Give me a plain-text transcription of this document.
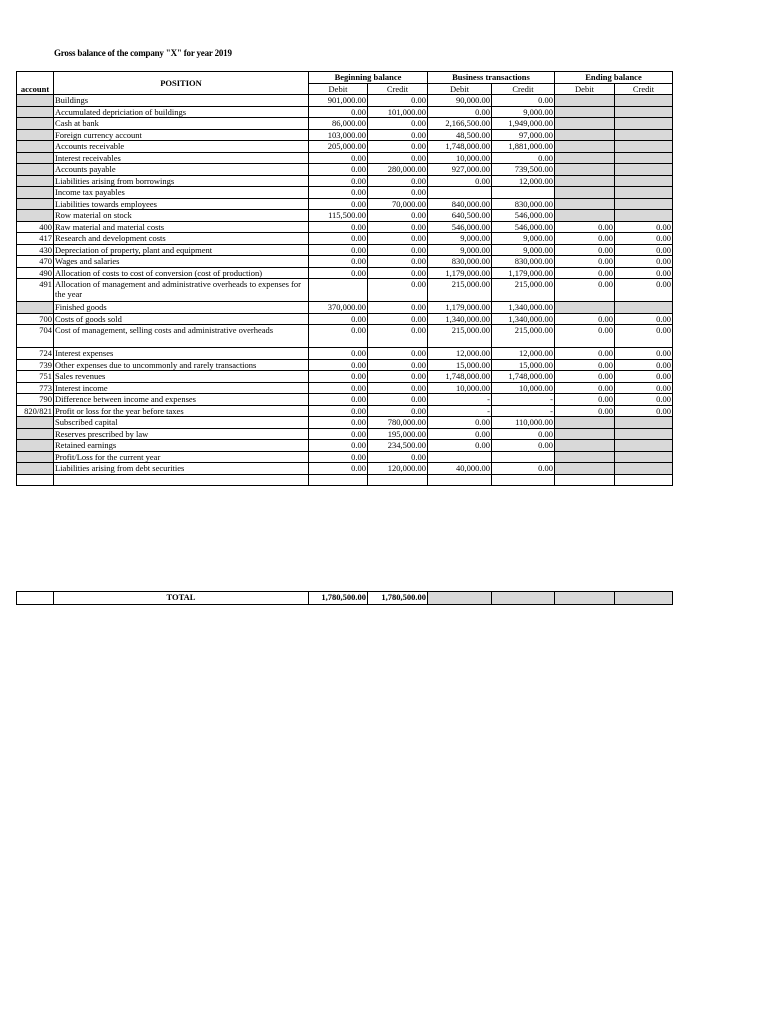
Gross balance of the company "X" for year 2019
account	POSITION	Beginning balance		Business transactions		Ending balance	
		Debit	Credit	Debit	Credit	Debit	Credit
	Buildings	901,000.00	0.00	90,000.00	0.00		
	Accumulated depriciation of buildings	0.00	101,000.00	0.00	9,000.00		
	Cash at bank	86,000.00	0.00	2,166,500.00	1,949,000.00		
	Foreign currency account	103,000.00	0.00	48,500.00	97,000.00		
	Accounts receivable	205,000.00	0.00	1,748,000.00	1,881,000.00		
	Interest receivables	0.00	0.00	10,000.00	0.00		
	Accounts payable	0.00	280,000.00	927,000.00	739,500.00		
	Liabilities arising from borrowings	0.00	0.00	0.00	12,000.00		
	Income tax payables	0.00	0.00				
	Liabilities towards employees	0.00	70,000.00	840,000.00	830,000.00		
	Row material on stock	115,500.00	0.00	640,500.00	546,000.00		
400	Raw material and material costs	0.00	0.00	546,000.00	546,000.00	0.00	0.00
417	Research and development costs	0.00	0.00	9,000.00	9,000.00	0.00	0.00
430	Depreciation of property, plant and equipment	0.00	0.00	9,000.00	9,000.00	0.00	0.00
470	Wages and salaries	0.00	0.00	830,000.00	830,000.00	0.00	0.00
490	Allocation of costs to cost of conversion (cost of production)	0.00	0.00	1,179,000.00	1,179,000.00	0.00	0.00
491	Allocation of management and administrative overheads to expenses for the year		0.00	215,000.00	215,000.00	0.00	0.00
	Finished goods	370,000.00	0.00	1,179,000.00	1,340,000.00		
700	Costs of goods sold	0.00	0.00	1,340,000.00	1,340,000.00	0.00	0.00
704	Cost of management, selling costs and administrative overheads	0.00	0.00	215,000.00	215,000.00	0.00	0.00
724	Interest expenses	0.00	0.00	12,000.00	12,000.00	0.00	0.00
739	Other expenses due to uncommonly and rarely transactions	0.00	0.00	15,000.00	15,000.00	0.00	0.00
751	Sales revenues	0.00	0.00	1,748,000.00	1,748,000.00	0.00	0.00
773	Interest income	0.00	0.00	10,000.00	10,000.00	0.00	0.00
790	Difference between income and expenses	0.00	0.00	-	-	0.00	0.00
820/821	Profit or loss for the year before taxes	0.00	0.00	-	-	0.00	0.00
	Subscribed capital	0.00	780,000.00	0.00	110,000.00		
	Reserves prescribed by law	0.00	195,000.00	0.00	0.00		
	Retained earnings	0.00	234,500.00	0.00	0.00		
	Profit/Loss for the current year	0.00	0.00				
	Liabilities arising from debt securities	0.00	120,000.00	40,000.00	0.00		

	TOTAL	1,780,500.00	1,780,500.00				
